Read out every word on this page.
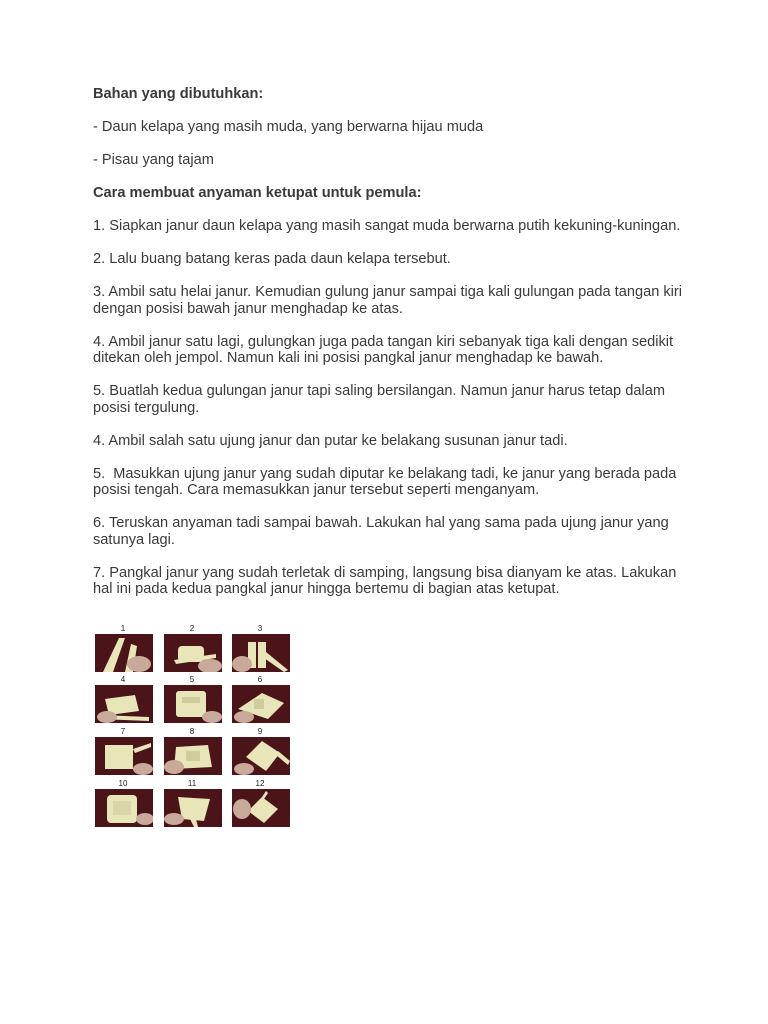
Bahan yang dibutuhkan:

- Daun kelapa yang masih muda, yang berwarna hijau muda

- Pisau yang tajam

Cara membuat anyaman ketupat untuk pemula:

1. Siapkan janur daun kelapa yang masih sangat muda berwarna putih kekuning-kuningan.

2. Lalu buang batang keras pada daun kelapa tersebut.

3. Ambil satu helai janur. Kemudian gulung janur sampai tiga kali gulungan pada tangan kiri dengan posisi bawah janur menghadap ke atas.

4. Ambil janur satu lagi, gulungkan juga pada tangan kiri sebanyak tiga kali dengan sedikit ditekan oleh jempol. Namun kali ini posisi pangkal janur menghadap ke bawah.

5. Buatlah kedua gulungan janur tapi saling bersilangan. Namun janur harus tetap dalam posisi tergulung.

4. Ambil salah satu ujung janur dan putar ke belakang susunan janur tadi.

5.  Masukkan ujung janur yang sudah diputar ke belakang tadi, ke janur yang berada pada posisi tengah. Cara memasukkan janur tersebut seperti menganyam.

6. Teruskan anyaman tadi sampai bawah. Lakukan hal yang sama pada ujung janur yang satunya lagi.

7. Pangkal janur yang sudah terletak di samping, langsung bisa dianyam ke atas. Lakukan hal ini pada kedua pangkal janur hingga bertemu di bagian atas ketupat.

1	2	3
4	5	6
7	8	9
10	11	12
